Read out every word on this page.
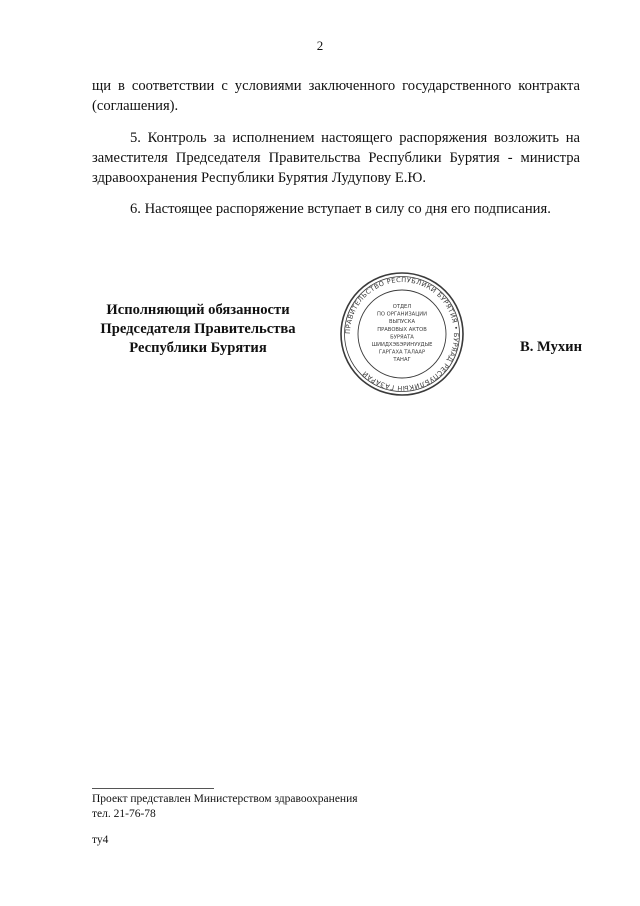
2

щи в соответствии с условиями заключенного государственного контракта (соглашения).

5. Контроль за исполнением настоящего распоряжения возложить на заместителя Председателя Правительства Республики Бурятия - министра здравоохранения Республики Бурятия Лудупову Е.Ю.

6. Настоящее распоряжение вступает в силу со дня его подписания.

Исполняющий обязанности
Председателя Правительства
Республики Бурятия
ПРАВИТЕЛЬСТВО РЕСПУБЛИКИ БУРЯТИЯ • БУРЯАД РЕСПУБЛИКЫН ГАЗАРАЙ
ОТДЕЛ
ПО ОРГАНИЗАЦИИ
ВЫПУСКА
ПРАВОВЫХ АКТОВ
БУРЯАТА
ШИИДХЭБЭРИНУУДЫЕ
ГАРГАХА ТАЛААР
ТАНАГ
В. Мухин
Проект представлен Министерством здравоохранения
тел. 21-76-78
ту4
